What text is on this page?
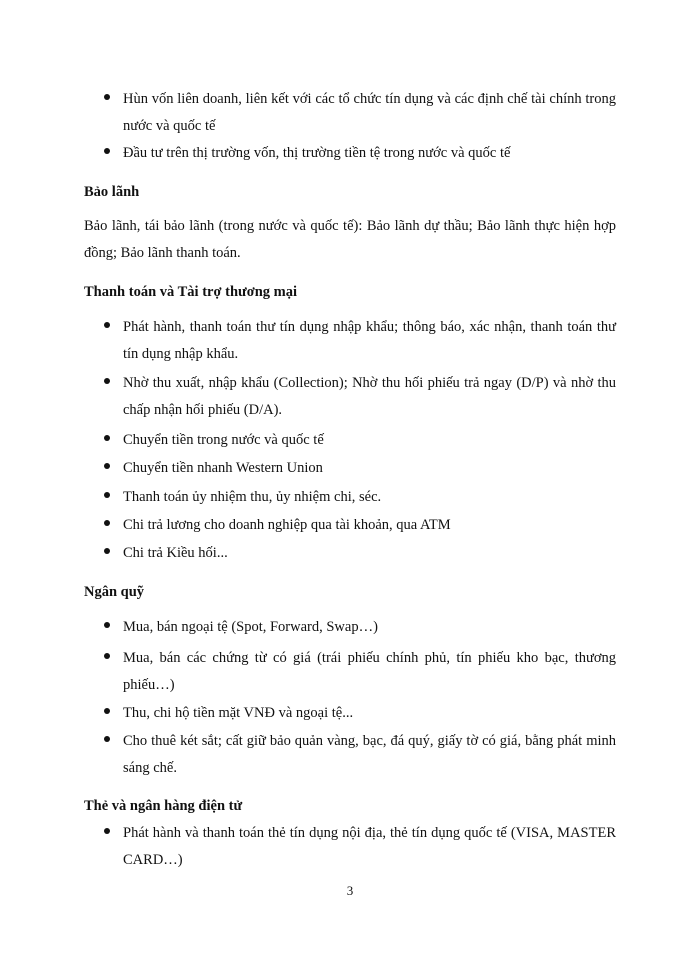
Hùn vốn liên doanh, liên kết với các tổ chức tín dụng và các định chế tài chính trong nước và quốc tế

Đầu tư trên thị trường vốn, thị trường tiền tệ trong nước và quốc tế

Bảo lãnh

Bảo lãnh, tái bảo lãnh (trong nước và quốc tế): Bảo lãnh dự thầu; Bảo lãnh thực hiện hợp đồng; Bảo lãnh thanh toán.

Thanh toán và Tài trợ thương mại

Phát hành, thanh toán thư tín dụng nhập khẩu; thông báo, xác nhận, thanh toán thư tín dụng nhập khẩu.

Nhờ thu xuất, nhập khẩu (Collection); Nhờ thu hối phiếu trả ngay (D/P) và nhờ thu chấp nhận hối phiếu (D/A).

Chuyển tiền trong nước và quốc tế

Chuyển tiền nhanh Western Union

Thanh toán ủy nhiệm thu, ủy nhiệm chi, séc.

Chi trả lương cho doanh nghiệp qua tài khoản, qua ATM

Chi trả Kiều hối...

Ngân quỹ

Mua, bán ngoại tệ (Spot, Forward, Swap…)

Mua, bán các chứng từ có giá (trái phiếu chính phủ, tín phiếu kho bạc, thương phiếu…)

Thu, chi hộ tiền mặt VNĐ và ngoại tệ...

Cho thuê két sắt; cất giữ bảo quản vàng, bạc, đá quý, giấy tờ có giá, bằng phát minh sáng chế.

Thẻ và ngân hàng điện tử

Phát hành và thanh toán thẻ tín dụng nội địa, thẻ tín dụng quốc tế (VISA, MASTER CARD…)

3
